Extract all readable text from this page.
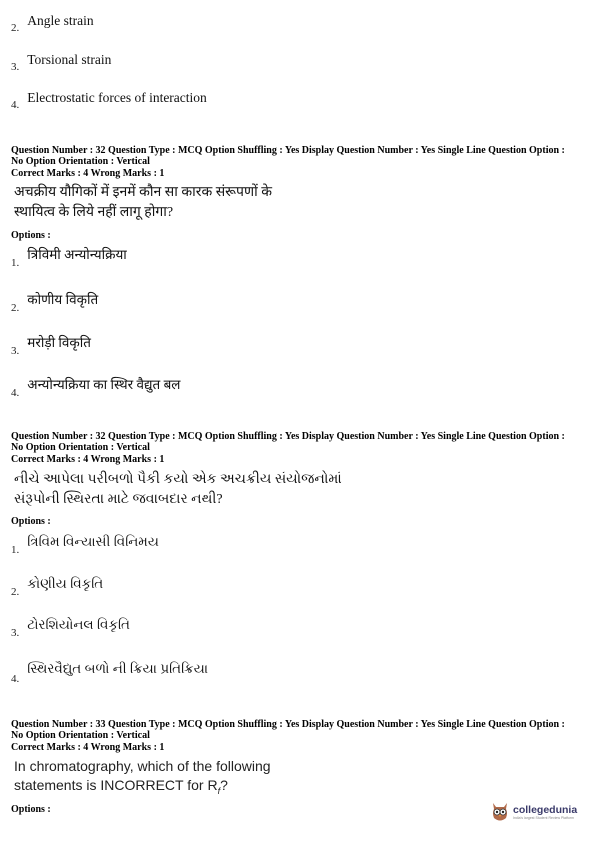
$_{2.}$ Angle strain
$_{3.}$ Torsional strain
$_{4.}$ Electrostatic forces of interaction
Question Number : 32 Question Type : MCQ Option Shuffling : Yes Display Question Number : Yes Single Line Question Option :
No Option Orientation : Vertical
Correct Marks : 4 Wrong Marks : 1
अचक्रीय यौगिकों में इनमें कौन सा कारक संरूपणों के
स्थायित्व के लिये नहीं लागू होगा?
Options :
$_{1.}$ त्रिविमी अन्योन्यक्रिया
$_{2.}$ कोणीय विकृति
$_{3.}$ मरोड़ी विकृति
$_{4.}$ अन्योन्यक्रिया का स्थिर वैद्युत बल
Question Number : 32 Question Type : MCQ Option Shuffling : Yes Display Question Number : Yes Single Line Question Option :
No Option Orientation : Vertical
Correct Marks : 4 Wrong Marks : 1
નીચે આપેલા પરીબળો પૈકી કયો એક અચક્રીય સંયોજનોમાં
સંરૂપોની સ્થિરતા માટે જવાબદાર નથી?
Options :
$_{1.}$ ત્રિવિમ વિન્યાસી વિનિમય
$_{2.}$ કોણીય વિકૃતિ
$_{3.}$ ટોરશિયોનલ વિકૃતિ
$_{4.}$ સ્થિરવૈદ્યુત બળો ની ક્રિયા પ્રતિક્રિયા
Question Number : 33 Question Type : MCQ Option Shuffling : Yes Display Question Number : Yes Single Line Question Option :
No Option Orientation : Vertical
Correct Marks : 4 Wrong Marks : 1
In chromatography, which of the following
statements is INCORRECT for $R_f$?
Options :	collegedunia
India's largest Student Review Platform
